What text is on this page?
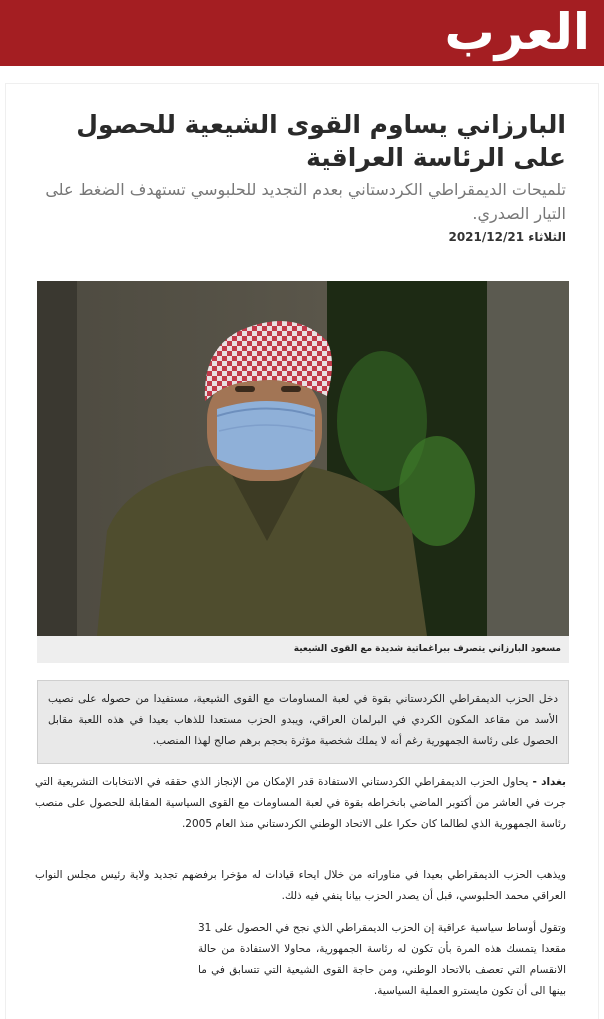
العرب
البارزاني يساوم القوى الشيعية للحصول على الرئاسة العراقية

تلميحات الديمقراطي الكردستاني بعدم التجديد للحلبوسي تستهدف الضغط على التيار الصدري.

الثلاثاء 2021/12/21
مسعود البارزاني يتصرف ببراغماتية شديدة مع القوى الشيعية
دخل الحزب الديمقراطي الكردستاني بقوة في لعبة المساومات مع القوى الشيعية، مستفيدا من حصوله على نصيب الأسد من مقاعد المكون الكردي في البرلمان العراقي، ويبدو الحزب مستعدا للذهاب بعيدا في هذه اللعبة مقابل الحصول على رئاسة الجمهورية رغم أنه لا يملك شخصية مؤثرة بحجم برهم صالح لهذا المنصب.

بغداد - يحاول الحزب الديمقراطي الكردستاني الاستفادة قدر الإمكان من الإنجاز الذي حققه في الانتخابات التشريعية التي جرت في العاشر من أكتوبر الماضي بانخراطه بقوة في لعبة المساومات مع القوى السياسية المقابلة للحصول على منصب رئاسة الجمهورية الذي لطالما كان حكرا على الاتحاد الوطني الكردستاني منذ العام 2005.

ويذهب الحزب الديمقراطي بعيدا في مناوراته من خلال ايحاء قيادات له مؤخرا برفضهم تجديد ولاية رئيس مجلس النواب العراقي محمد الحلبوسي، قبل أن يصدر الحزب بيانا ينفي فيه ذلك.

وتقول أوساط سياسية عراقية إن الحزب الديمقراطي الذي نجح في الحصول على 31 مقعدا يتمسك هذه المرة بأن تكون له رئاسة الجمهورية، محاولا الاستفادة من حالة الانقسام التي تعصف بالاتحاد الوطني، ومن حاجة القوى الشيعية التي تتسابق في ما بينها الى أن تكون مايسترو العملية السياسية.
